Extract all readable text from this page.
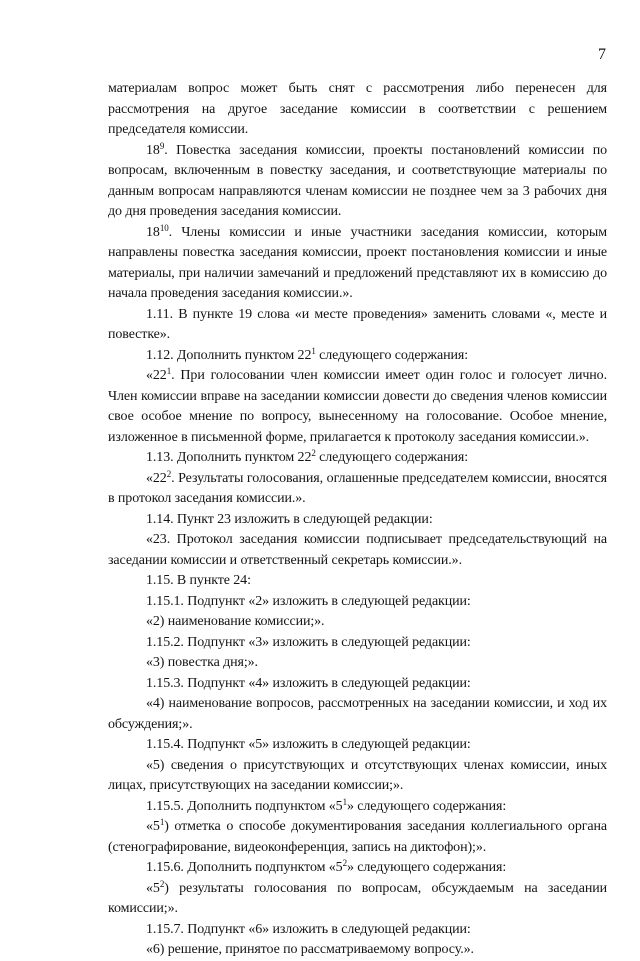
7

материалам вопрос может быть снят с рассмотрения либо перенесен для рассмотрения на другое заседание комиссии в соответствии с решением председателя комиссии.

$18^9$. Повестка заседания комиссии, проекты постановлений комиссии по вопросам, включенным в повестку заседания, и соответствующие материалы по данным вопросам направляются членам комиссии не позднее чем за 3 рабочих дня до дня проведения заседания комиссии.

$18^{10}$. Члены комиссии и иные участники заседания комиссии, которым направлены повестка заседания комиссии, проект постановления комиссии и иные материалы, при наличии замечаний и предложений представляют их в комиссию до начала проведения заседания комиссии.».

1.11. В пункте 19 слова «и месте проведения» заменить словами «, месте и повестке».

1.12. Дополнить пунктом $22^1$ следующего содержания:

«$22^1$. При голосовании член комиссии имеет один голос и голосует лично. Член комиссии вправе на заседании комиссии довести до сведения членов комиссии свое особое мнение по вопросу, вынесенному на голосование. Особое мнение, изложенное в письменной форме, прилагается к протоколу заседания комиссии.».

1.13. Дополнить пунктом $22^2$ следующего содержания:

«$22^2$. Результаты голосования, оглашенные председателем комиссии, вносятся в протокол заседания комиссии.».

1.14. Пункт 23 изложить в следующей редакции:

«23. Протокол заседания комиссии подписывает председательствующий на заседании комиссии и ответственный секретарь комиссии.».

1.15. В пункте 24:

1.15.1. Подпункт «2» изложить в следующей редакции:

«2) наименование комиссии;».

1.15.2. Подпункт «3» изложить в следующей редакции:

«3) повестка дня;».

1.15.3. Подпункт «4» изложить в следующей редакции:

«4) наименование вопросов, рассмотренных на заседании комиссии, и ход их обсуждения;».

1.15.4. Подпункт «5» изложить в следующей редакции:

«5) сведения о присутствующих и отсутствующих членах комиссии, иных лицах, присутствующих на заседании комиссии;».

1.15.5. Дополнить подпунктом «$5^1$» следующего содержания:

«$5^1$) отметка о способе документирования заседания коллегиального органа (стенографирование, видеоконференция, запись на диктофон);».

1.15.6. Дополнить подпунктом «$5^2$» следующего содержания:

«$5^2$) результаты голосования по вопросам, обсуждаемым на заседании комиссии;».

1.15.7. Подпункт «6» изложить в следующей редакции:

«6) решение, принятое по рассматриваемому вопросу.».
